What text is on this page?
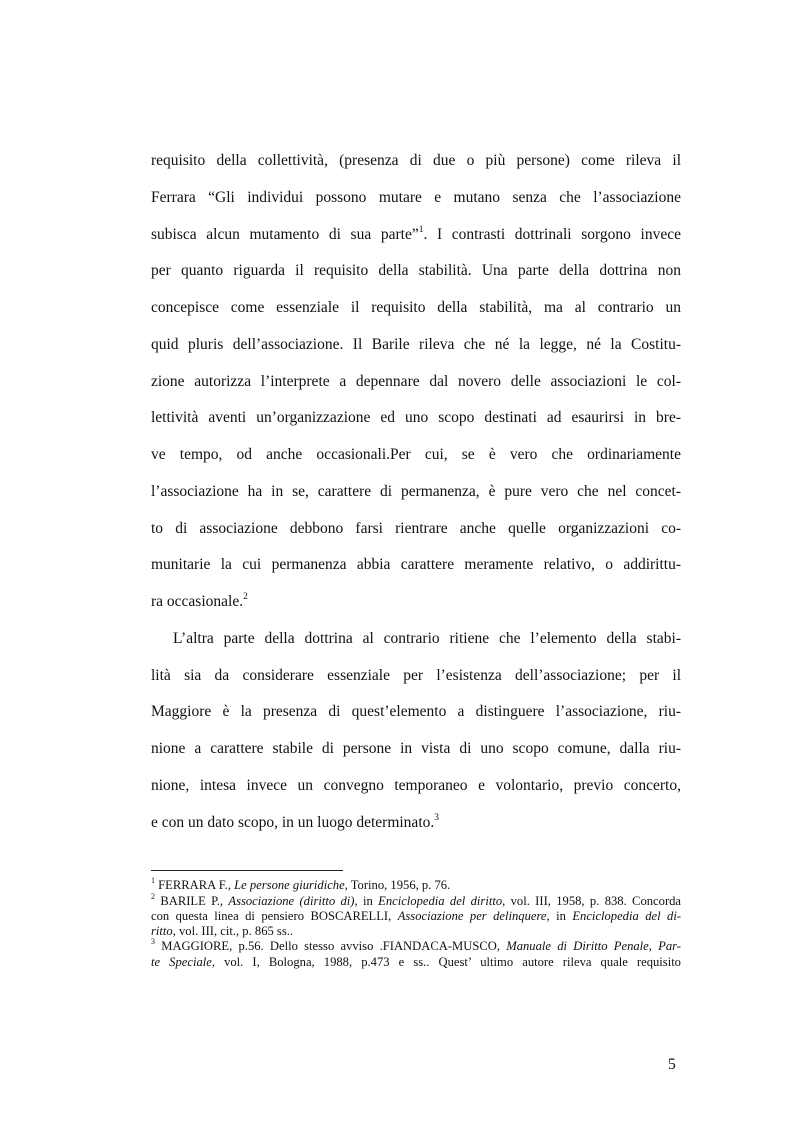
requisito della collettività, (presenza di due o più persone) come rileva il
Ferrara “Gli individui possono mutare e mutano senza che l’associazione
subisca alcun mutamento di sua parte”$^1$. I contrasti dottrinali sorgono invece
per quanto riguarda il requisito della stabilità. Una parte della dottrina non
concepisce come essenziale il requisito della stabilità, ma al contrario un
quid pluris dell’associazione. Il Barile rileva che né la legge, né la Costitu-
zione autorizza l’interprete a depennare dal novero delle associazioni le col-
lettività aventi un’organizzazione ed uno scopo destinati ad esaurirsi in bre-
ve tempo, od anche occasionali.Per cui, se è vero che ordinariamente
l’associazione ha in se, carattere di permanenza, è pure vero che nel concet-
to di associazione debbono farsi rientrare anche quelle organizzazioni co-
munitarie la cui permanenza abbia carattere meramente relativo, o addirittu-
ra occasionale.$^2$
L’altra parte della dottrina al contrario ritiene che l’elemento della stabi-
lità sia da considerare essenziale per l’esistenza dell’associazione; per il
Maggiore è la presenza di quest’elemento a distinguere l’associazione, riu-
nione a carattere stabile di persone in vista di uno scopo comune, dalla riu-
nione, intesa invece un convegno temporaneo e volontario, previo concerto,
e con un dato scopo, in un luogo determinato.$^3$
$^1$ FERRARA F., Le persone giuridiche, Torino, 1956, p. 76.
$^2$ BARILE P., Associazione (diritto di), in Enciclopedia del diritto, vol. III, 1958, p. 838. Concorda
con questa linea di pensiero BOSCARELLI, Associazione per delinquere, in Enciclopedia del di-
ritto, vol. III, cit., p. 865 ss..
$^3$ MAGGIORE, p.56. Dello stesso avviso .FIANDACA-MUSCO, Manuale di Diritto Penale, Par-
te Speciale, vol. I, Bologna, 1988, p.473 e ss.. Quest’ ultimo autore rileva quale requisito
5
